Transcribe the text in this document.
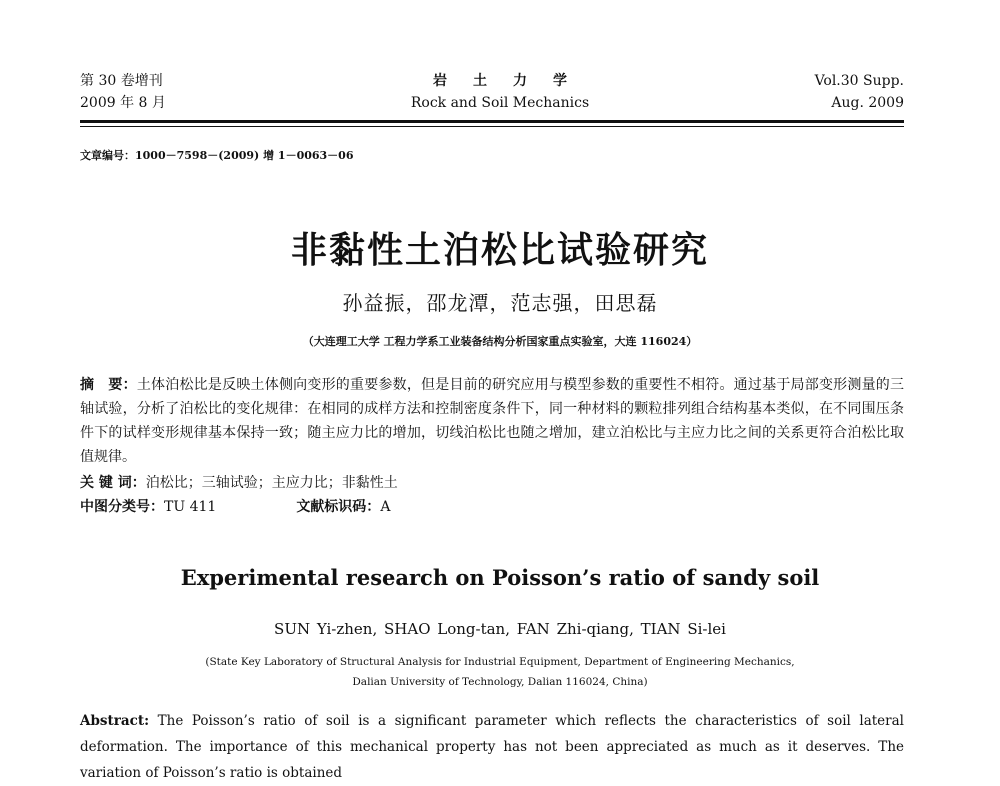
第 30 卷增刊
2009 年 8 月
岩土力学
Rock and Soil Mechanics
Vol.30 Supp.
Aug. 2009
文章编号：1000－7598－(2009) 增 1－0063－06
非黏性土泊松比试验研究
孙益振，邵龙潭，范志强，田思磊
（大连理工大学 工程力学系工业装备结构分析国家重点实验室，大连 116024）
摘　要：土体泊松比是反映土体侧向变形的重要参数，但是目前的研究应用与模型参数的重要性不相符。通过基于局部变形测量的三轴试验，分析了泊松比的变化规律：在相同的成样方法和控制密度条件下，同一种材料的颗粒排列组合结构基本类似，在不同围压条件下的试样变形规律基本保持一致；随主应力比的增加，切线泊松比也随之增加，建立泊松比与主应力比之间的关系更符合泊松比取值规律。
关 键 词：泊松比；三轴试验；主应力比；非黏性土
中图分类号：TU 411	文献标识码：A
Experimental research on Poisson’s ratio of sandy soil
SUN Yi-zhen, SHAO Long-tan, FAN Zhi-qiang, TIAN Si-lei
(State Key Laboratory of Structural Analysis for Industrial Equipment, Department of Engineering Mechanics,
Dalian University of Technology, Dalian 116024, China)
Abstract: The Poisson’s ratio of soil is a significant parameter which reflects the characteristics of soil lateral deformation. The importance of this mechanical property has not been appreciated as much as it deserves. The variation of Poisson’s ratio is obtained
